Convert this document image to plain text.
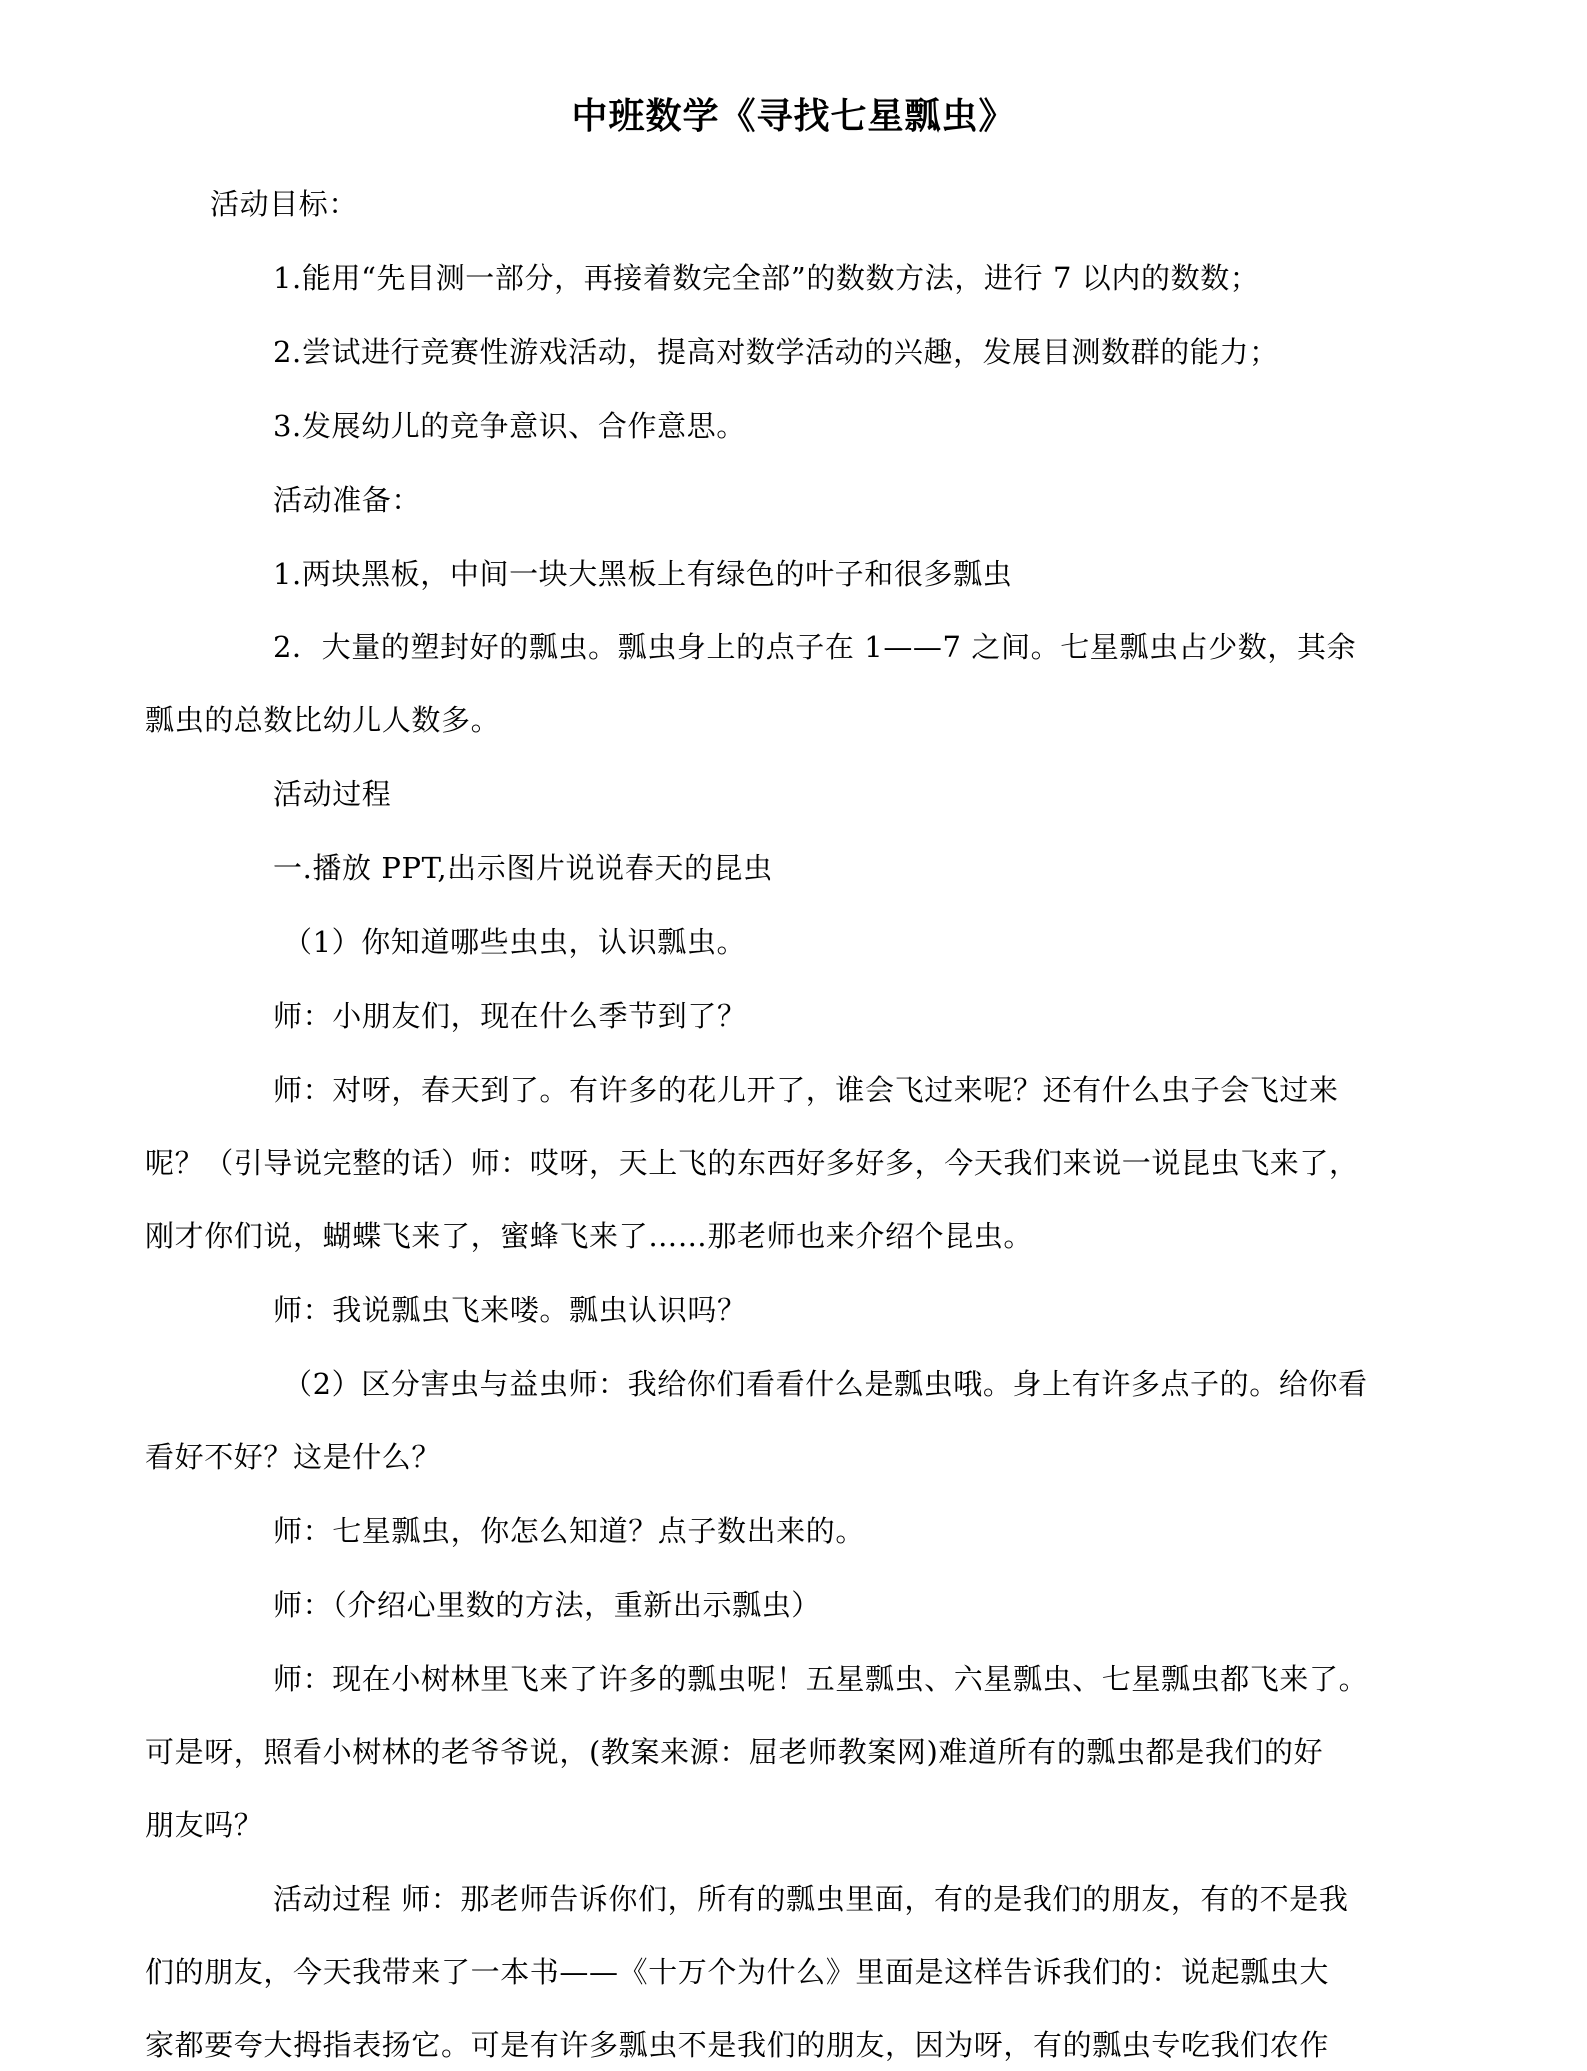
中班数学《寻找七星瓢虫》
活动目标：
1.能用“先目测一部分，再接着数完全部”的数数方法，进行 7 以内的数数；
2.尝试进行竞赛性游戏活动，提高对数学活动的兴趣，发展目测数群的能力；
3.发展幼儿的竞争意识、合作意思。
活动准备：
1.两块黑板，中间一块大黑板上有绿色的叶子和很多瓢虫
2．大量的塑封好的瓢虫。瓢虫身上的点子在 1——7 之间。七星瓢虫占少数，其余
瓢虫的总数比幼儿人数多。
活动过程
一.播放 PPT,出示图片说说春天的昆虫
（1）你知道哪些虫虫，认识瓢虫。
师：小朋友们，现在什么季节到了？
师：对呀，春天到了。有许多的花儿开了，谁会飞过来呢？还有什么虫子会飞过来
呢？（引导说完整的话）师：哎呀，天上飞的东西好多好多，今天我们来说一说昆虫飞来了，
刚才你们说，蝴蝶飞来了，蜜蜂飞来了……那老师也来介绍个昆虫。
师：我说瓢虫飞来喽。瓢虫认识吗？
（2）区分害虫与益虫师：我给你们看看什么是瓢虫哦。身上有许多点子的。给你看
看好不好？这是什么？
师：七星瓢虫，你怎么知道？点子数出来的。
师：（介绍心里数的方法，重新出示瓢虫）
师：现在小树林里飞来了许多的瓢虫呢！五星瓢虫、六星瓢虫、七星瓢虫都飞来了。
可是呀，照看小树林的老爷爷说，(教案来源：屈老师教案网)难道所有的瓢虫都是我们的好
朋友吗？
活动过程 师：那老师告诉你们，所有的瓢虫里面，有的是我们的朋友，有的不是我
们的朋友，今天我带来了一本书——《十万个为什么》里面是这样告诉我们的：说起瓢虫大
家都要夸大拇指表扬它。可是有许多瓢虫不是我们的朋友，因为呀，有的瓢虫专吃我们农作
